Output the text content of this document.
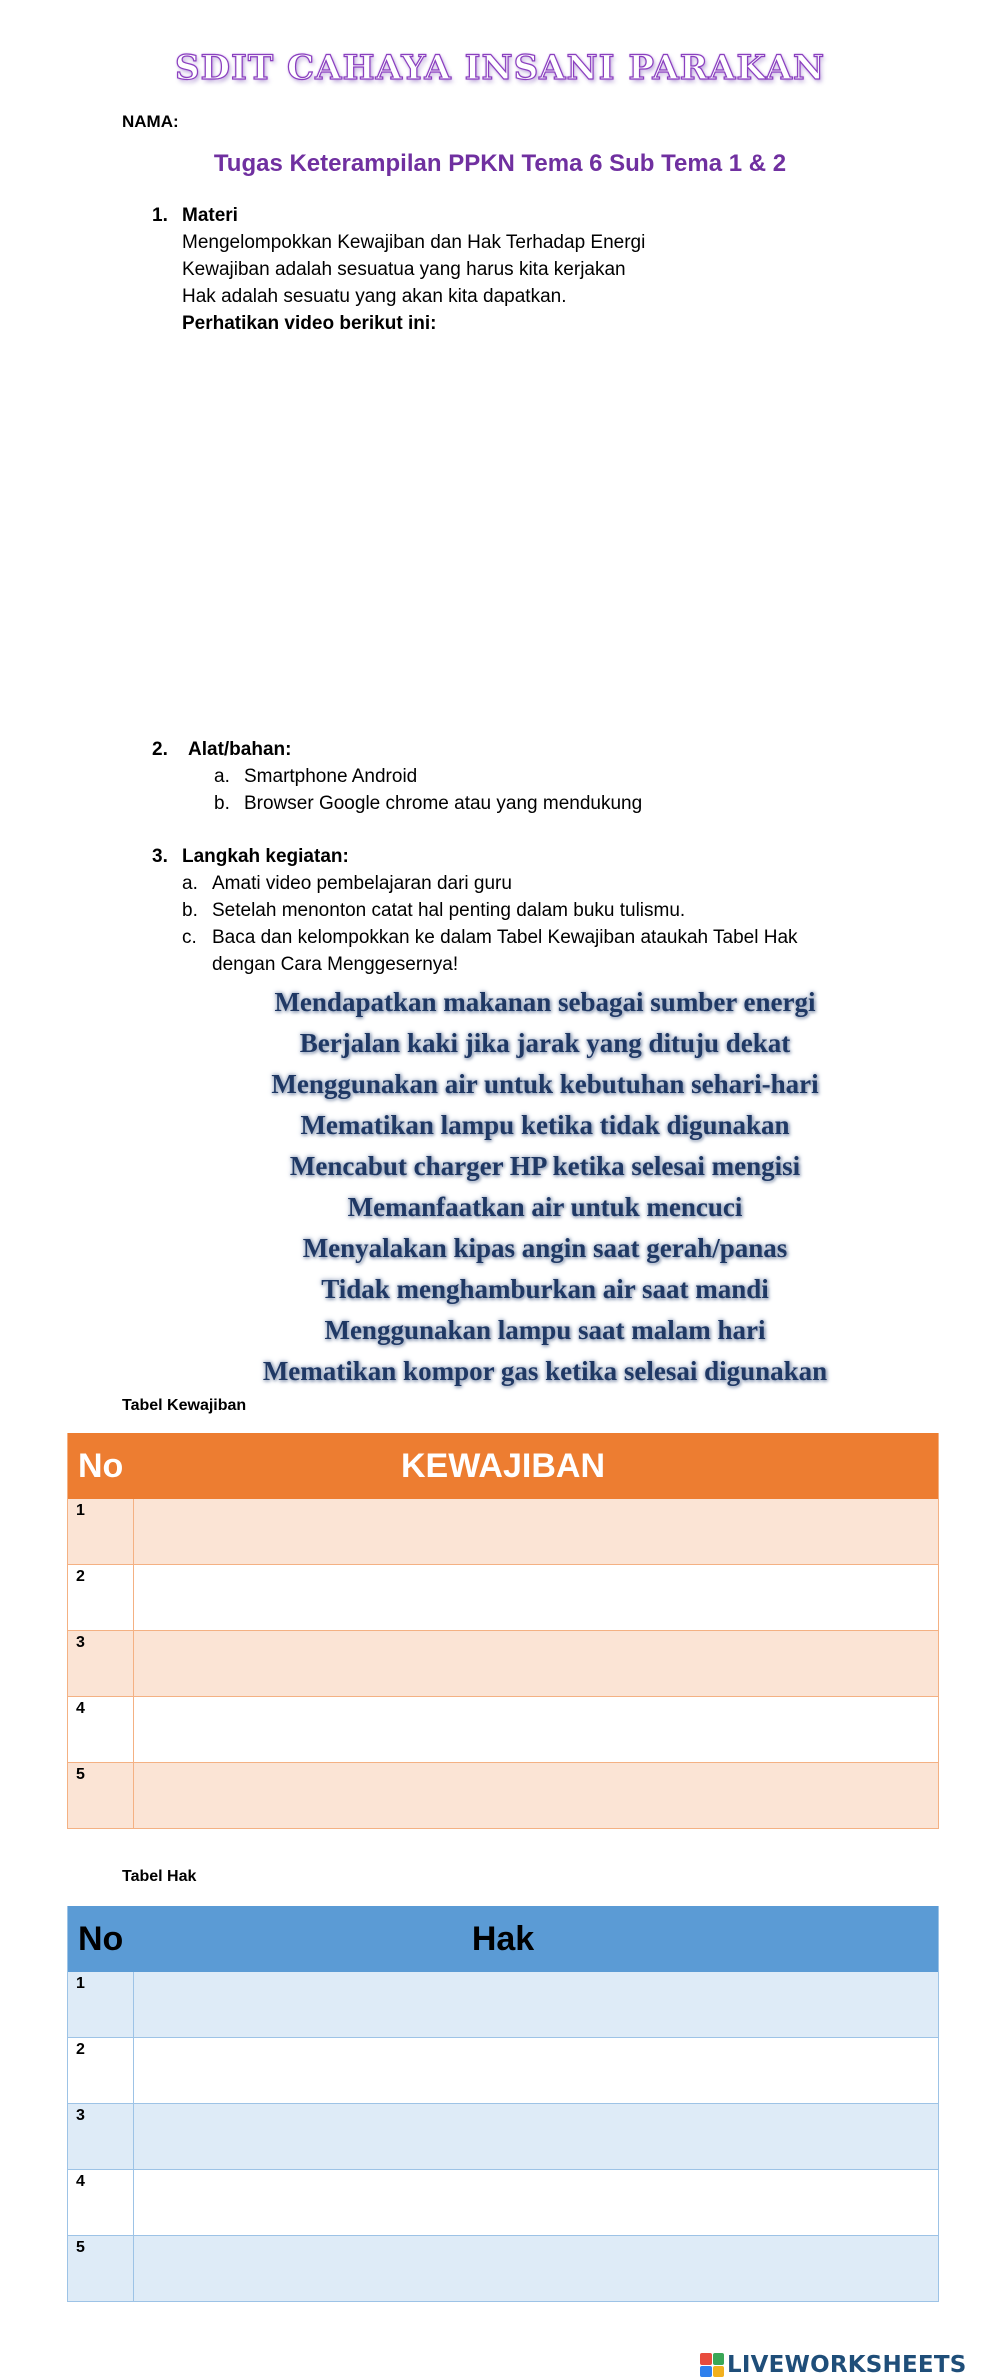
SDIT CAHAYA INSANI PARAKAN
NAMA:
Tugas Keterampilan PPKN Tema 6 Sub Tema 1 & 2
1. Materi
Mengelompokkan Kewajiban dan Hak Terhadap Energi
Kewajiban adalah sesuatua yang harus kita kerjakan
Hak adalah sesuatu yang akan kita dapatkan.
Perhatikan video berikut ini:
2. Alat/bahan:
a. Smartphone Android
b. Browser Google chrome atau yang mendukung
3. Langkah kegiatan:
a. Amati video pembelajaran dari guru
b. Setelah menonton catat hal penting dalam buku tulismu.
c. Baca dan kelompokkan ke dalam Tabel Kewajiban ataukah Tabel Hak
dengan Cara Menggesernya!
Mendapatkan makanan sebagai sumber energi
Berjalan kaki jika jarak yang dituju dekat
Menggunakan air untuk kebutuhan sehari-hari
Mematikan lampu ketika tidak digunakan
Mencabut charger HP ketika selesai mengisi
Memanfaatkan air untuk mencuci
Menyalakan kipas angin saat gerah/panas
Tidak menghamburkan air saat mandi
Menggunakan lampu saat malam hari
Mematikan kompor gas ketika selesai digunakan
Tabel Kewajiban
No	KEWAJIBAN
1
2
3
4
5
Tabel Hak
No	Hak
1
2
3
4
5
LIVEWORKSHEETS
